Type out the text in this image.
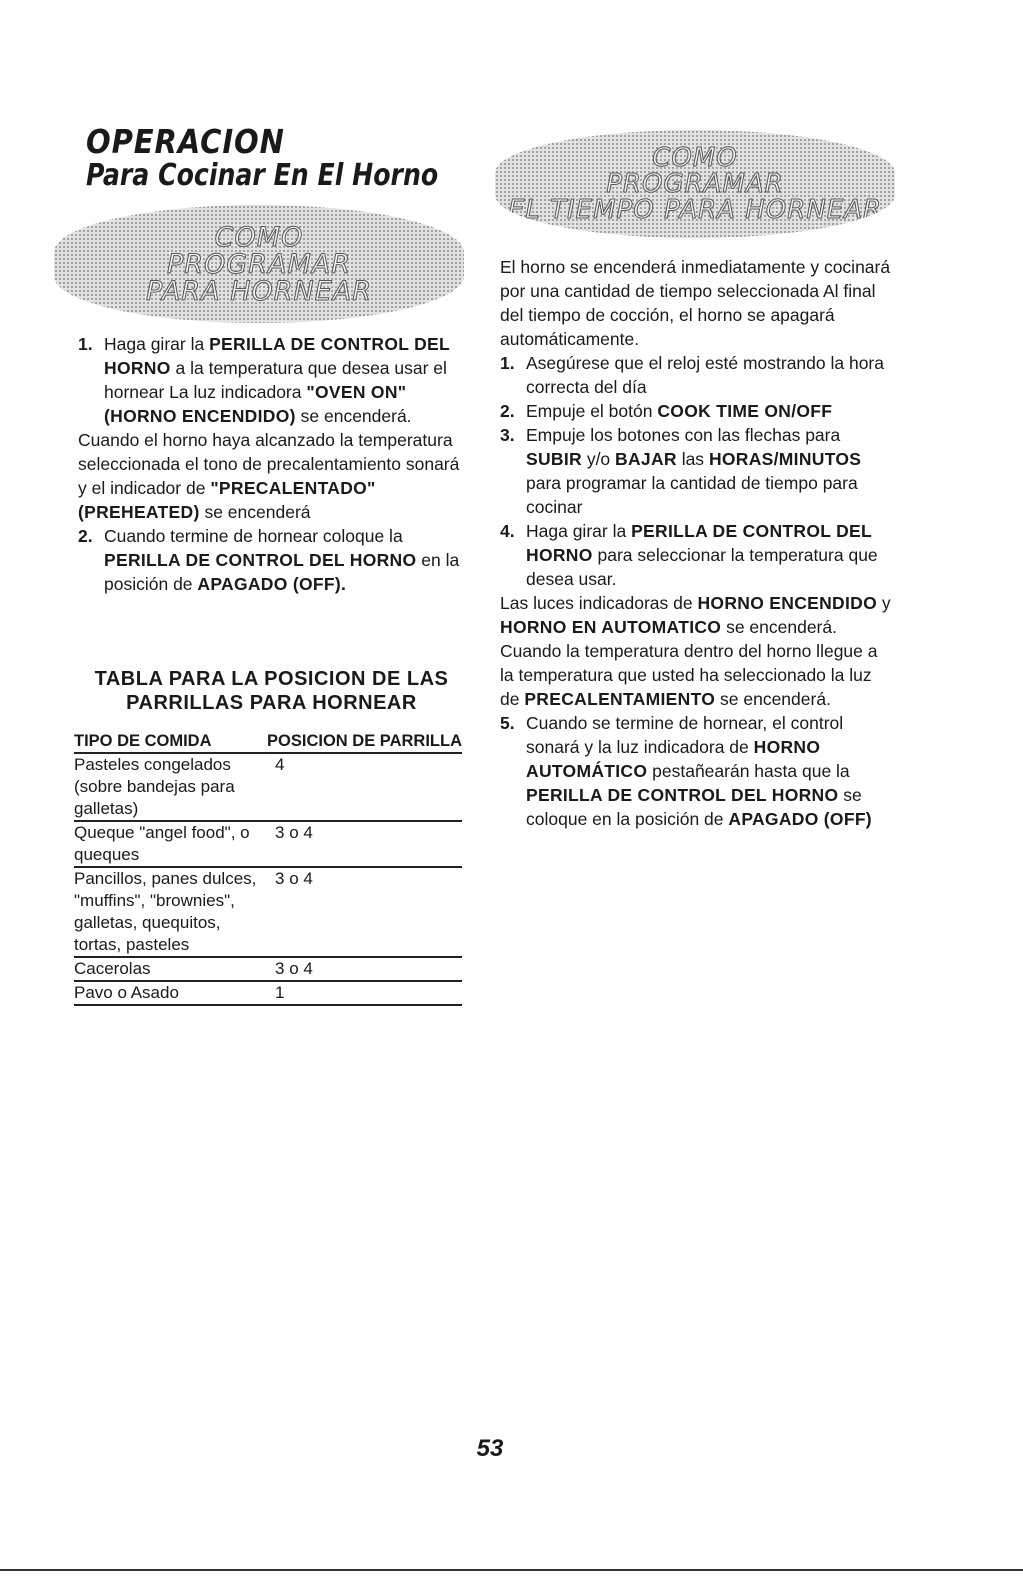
OPERACION
Para Cocinar En El Horno
COMO
PROGRAMAR
PARA HORNEAR
1. Haga girar la PERILLA DE CONTROL DEL HORNO a la temperatura que desea usar el hornear La luz indicadora "OVEN ON" (HORNO ENCENDIDO) se encenderá.

Cuando el horno haya alcanzado la temperatura seleccionada el tono de precalentamiento sonará y el indicador de "PRECALENTADO" (PREHEATED) se encenderá

2. Cuando termine de hornear coloque la PERILLA DE CONTROL DEL HORNO en la posición de APAGADO (OFF).

TABLA PARA LA POSICION DE LAS PARRILLAS PARA HORNEAR
TIPO DE COMIDA	POSICION DE PARRILLA
Pasteles congelados (sobre bandejas para galletas)	4
Queque "angel food", o queques	3 o 4
Pancillos, panes dulces, "muffins", "brownies", galletas, quequitos, tortas, pasteles	3 o 4
Cacerolas	3 o 4
Pavo o Asado	1
COMO
PROGRAMAR
EL TIEMPO PARA HORNEAR

El horno se encenderá inmediatamente y cocinará por una cantidad de tiempo seleccionada Al final del tiempo de cocción, el horno se apagará automáticamente.

1. Asegúrese que el reloj esté mostrando la hora correcta del día

2. Empuje el botón COOK TIME ON/OFF

3. Empuje los botones con las flechas para SUBIR y/o BAJAR las HORAS/MINUTOS para programar la cantidad de tiempo para cocinar

4. Haga girar la PERILLA DE CONTROL DEL HORNO para seleccionar la temperatura que desea usar.

Las luces indicadoras de HORNO ENCENDIDO y HORNO EN AUTOMATICO se encenderá. Cuando la temperatura dentro del horno llegue a la temperatura que usted ha seleccionado la luz de PRECALENTAMIENTO se encenderá.

5. Cuando se termine de hornear, el control sonará y la luz indicadora de HORNO AUTOMÁTICO pestañearán hasta que la PERILLA DE CONTROL DEL HORNO se coloque en la posición de APAGADO (OFF)

53
